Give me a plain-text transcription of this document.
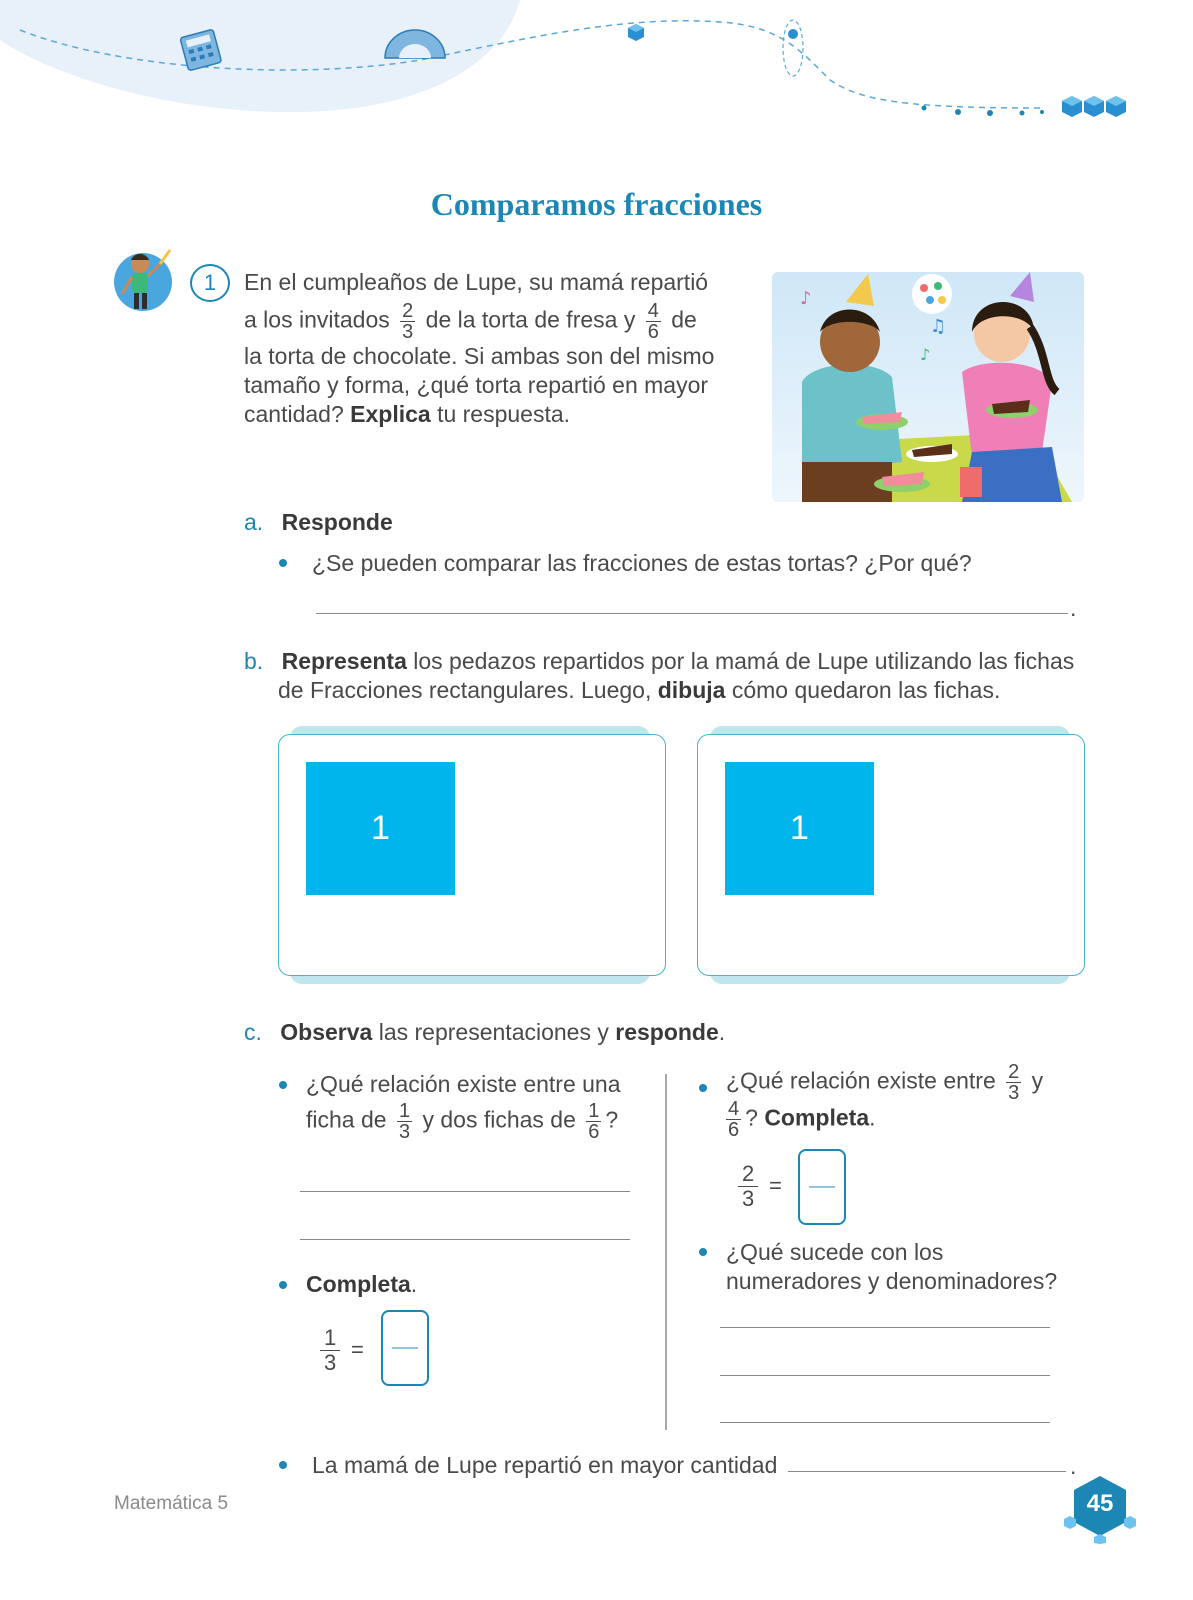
Comparamos fracciones
1 En el cumpleaños de Lupe, su mamá repartió
a los invitados $\frac{2}{3}$ de la torta de fresa y $\frac{4}{6}$ de
la torta de chocolate. Si ambas son del mismo
tamaño y forma, ¿qué torta repartió en mayor
cantidad? Explica tu respuesta.
♪
♫
♪
a. Responde
¿Se pueden comparar las fracciones de estas tortas? ¿Por qué?
.
b. Representa los pedazos repartidos por la mamá de Lupe utilizando las fichas
de Fracciones rectangulares. Luego, dibuja cómo quedaron las fichas.
1	1
c. Observa las representaciones y responde.
¿Qué relación existe entre una
ficha de $\frac{1}{3}$ y dos fichas de $\frac{1}{6}$ ?
Completa.
$\frac{1}{3}$ =
¿Qué relación existe entre $\frac{2}{3}$ y
$\frac{4}{6}$ ? Completa.
$\frac{2}{3}$ =
¿Qué sucede con los
numeradores y denominadores?
La mamá de Lupe repartió en mayor cantidad	.
Matemática 5	45
